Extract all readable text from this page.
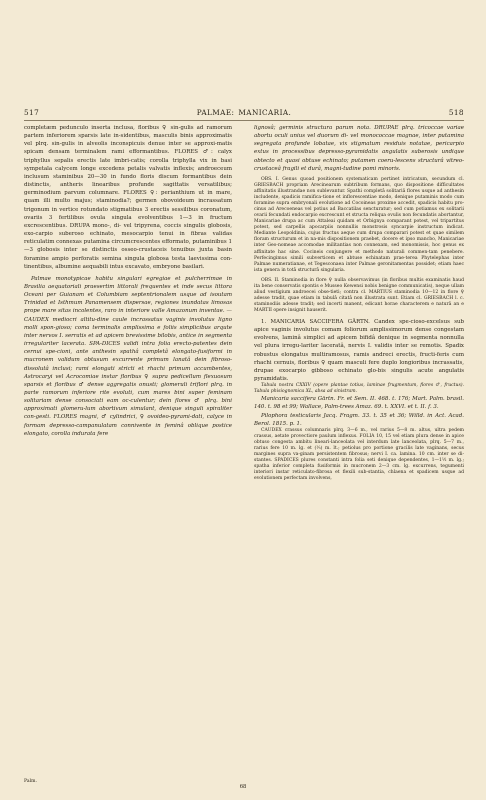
517	PALMAE: MANICARIA.	518

completæm pedunculo inserta inclusa, floribus ♀ sin-gulis ad ramorum partem inferiorem sparsis late in-sidentibus, masculis binis approximatis vel plrq. sin-gulis in alveolis inconspicuis denue inter se approxi-matis spicam densam terminalem rami efformantibus. FLORES ♂: calyx triphyllus sepalis erectis late imbri-catis; corolla triphylla vix in basi sympetala calycem longe excedens petalis valvatis inflexis; androeceum inclusum staminibus 20—30 in fundo floris discum formantibus dein distinctis, antheris linearibus profunde sagittatis versatilibus; germinodium parvum columnare. FLORES ♀: perianthium ut in mare, quam illi multo majus; staminodia?; germen obovoideum incrassatum trigonum in vertice rotundato stigmatibus 3 erectis sessilibus coronatum, ovariis 3 fertilibus ovula singula evolventibus 1—3 in fructum excrescentibus. DRUPA mono-, di- vel tripyrena, coccis singulis globosis, exo-carpio suberoso echinato, mesocarpio tenui in fibras validas reticulatim connexas putamina circumcrescentes efformato, putaminibus 1—3 globosis inter se distinctis osseo-crustaceis tenuibus juxta basin foramine ampio perforatis semina singula globosa testa laevissima con-tinentibus, albumine aequabili intus excavato, embryone basilari.

Palmae monotypicae habitu singulari egregiae et pulcherrimae in Brasilia aequatoriali praesertim littorali frequentes et inde secus littora Oceani per Guianam et Columbiam septentrionalem usque ad isoutam Trinidad et Isthmum Panamensem dispersae, regiones inundatas limosas prope mare sitas incolentes, raro in interiore valle Amazonum inventae. — CAUDEX mediocri altitu-dine caule incrassatus vaginis involutus ligno molli spon-gioso; coma terminalis amplissima e foliis simplicibus arqute inter nervos I. serratis et ad apicem brevissime bilobis, antice in segmenta irregulariter lacerata. SPA-DICES validi intra folia erecto-patentes dein cernui spe-cioni, ante anthesin spathâ completâ elongato-fusiformi in mucronem validum obtusum excurrente primum lanatâ dein fibroso-dissolutâ inclusi; rami elongati stricti et rhachi primum accumbentes, Astrocaryi vel Acrocomiae instar floribus ♀ supra pedicellum flexuosum sparsis et floribus ♂ dense aggregatis onusti; glomeruli triflori plrq. in parte ramorum inferiore rite evoluti, cum mares bini super feminam solitariam dense consociati eam oc-culentur; dein flores ♂ plrq. bini approximati glomeru-lum abortivum simulant, denique singuli spiraliter con-gesti. FLORES magni, ♂ cylindrici, ♀ ovoideo-pyrami-dati, calyce in formam depresso-campanulatam connivente in feminâ oblique postice elongato, corolla indurata fere

lignosâ; germinis structura parum nota. DRUPAE plrq. tricoccae variae abortu oculi unius vel duorum di- vel monococcae magnae, inter putamina segregata profunde lobatae, vix stigmatum residuis notatae, pericarpio extus in processibus depresso-pyramidatis angulatis suberosis undique obtecto et quasi obtuse echinato; putamen coeru-lescens structurâ vitreo-crustaceâ fragili et durâ, magni-tudine pomi minoris.

OBS. I. Genus quoad positionem systematicam pertinet intricatum, secundum cl. GRIESBACH propriam Arecinearum subtribum formans, quo dispositione difficultates affinitatis illustrandae non sublevantur. Spathi completâ solitariâ flores usque ad anthesin includente, spadicis ramifica-tione et inflorescentiae modo, denique putaminis modo cum foramine supra embryonali evolutione ad Cocoineas proxime accedit, spadicis habitu pro-cinus ad Arecoeneas vel potius ad Baccatilas sencturatur; sed cum potiamus ex solitarii ovarii fecundati endocarpio excrescunt et structa reliqua ovulis non fecundatis abortantur, Manicariae drupa ac cum Attaleai quidam et Orbignya comparant potest, vel tripartitus potest, sed carpellis apocarpiis nonnullis monstrosis syncarpie instructum indicat. Mediante Leopoldinia, cujus fructus aeque cum drupa comparari potest et quae similem floram structurum et in na-mis dispositionem praebet, docere et ipso mancbo, Manicariae inter Geo-nomeae accomodae militantias non connexam, sed monomissis, hoc genus ex affinitate hac sine. Cocineis conjungere et methodo naturali commen-tam penebere. Perfecingimus simili subverticem et abtuse echinatam prae-terea Phytelephas inter Palmae numeratianae, et Tegesconaea inter Palmae geronitamentas possidet; etiam haec ista genera in totā structurā singularia.

OBS. II. Staminodia in flore ♀ nulla observavimus (in floribus multis examinatis haud ita bene conservatis spontis e Musseo Kewensi nobis benigne communicatis), neque ullam aliud vestigium androecei obse-tieti; contra cl. MARTIUS staminodia 10—12 in flore ♀ adesse tradit, quae etiam in tabulâ citatâ non illustrata sunt. Etiam cl. GRIESBACH l. c. staminodiis adesse tradit; sed incerti manent, edicant horae characterem e naturâ an e MARTII opere insignit hauserit.

1. MANICARIA SACCIFERA GÄRTN. Candex spe-cioso-excelsus sub apice vaginis involutus comam foliorum amplissimorum dense congestam evolvens, laminâ simplici ad apicem bifidâ denique in segmenta nonnulla vel plura irregu-lariter laceratâ, nervis I. validis inter se remotis. Spadix robustus elongatus multiramosus, ramis andreci erectis, fructi-feris cum rhachi cernuis, floribus ♀ quam masculi fere duplo longioribus incrassatis, drupae exocarpio gibboso echinato glo-bis singulis acute angulatis pyramidatis.

Tabula nostra CXXIV (opere plantae totius, laminae frugmentum, flores ♂, fructus). Tabula phisiognomica XL, absa ad sinistram.

Manicaria saccifera Gärtn. Fr. et Sem. II. 468. t. 176; Mart. Palm. brasil. 140. t. 98 et 99; Wallace, Palm-trees Amaz. 69. t. XXVI. et t. II. f. 3.

Pilophora testicularis Jacq. Fragm. 33. t. 35 et 36; Willd. in Act. Acad. Berol. 1815. p. 1.

CAUDEX crassus columnaris plrq. 3—6 m., vel rarius 5—8 m. altus, ultra pedem crassus, aetate provectiore paulum inflexus. FOLIA 10, 15 vel etiam plura dense in apice obtuso congesta ambitu lineari-lanceolata vel interdum late lanceolata, plrq. 5—7 m., rarius fere 10 m. lg. et (⅓) m. lt.; petiolus pro portione gracilis late vaginans, secus margines supra va-ginam persistentem fibrosus; nervi I. ca. lamina. 10 cm. inter se di-stantes. SPADICES plures constanti intra folia seti denique dependentes, 1—1½ m. lg.; spatha inferior completa fusiformis in mucronem 2—3 cm. lg. excurrens, tegumenti interiori instar reticulato-fibrosa et flexili sub-stantia, chlaena et spadicem usque ad evolutionem perfectam involvens,

Palm.
68
